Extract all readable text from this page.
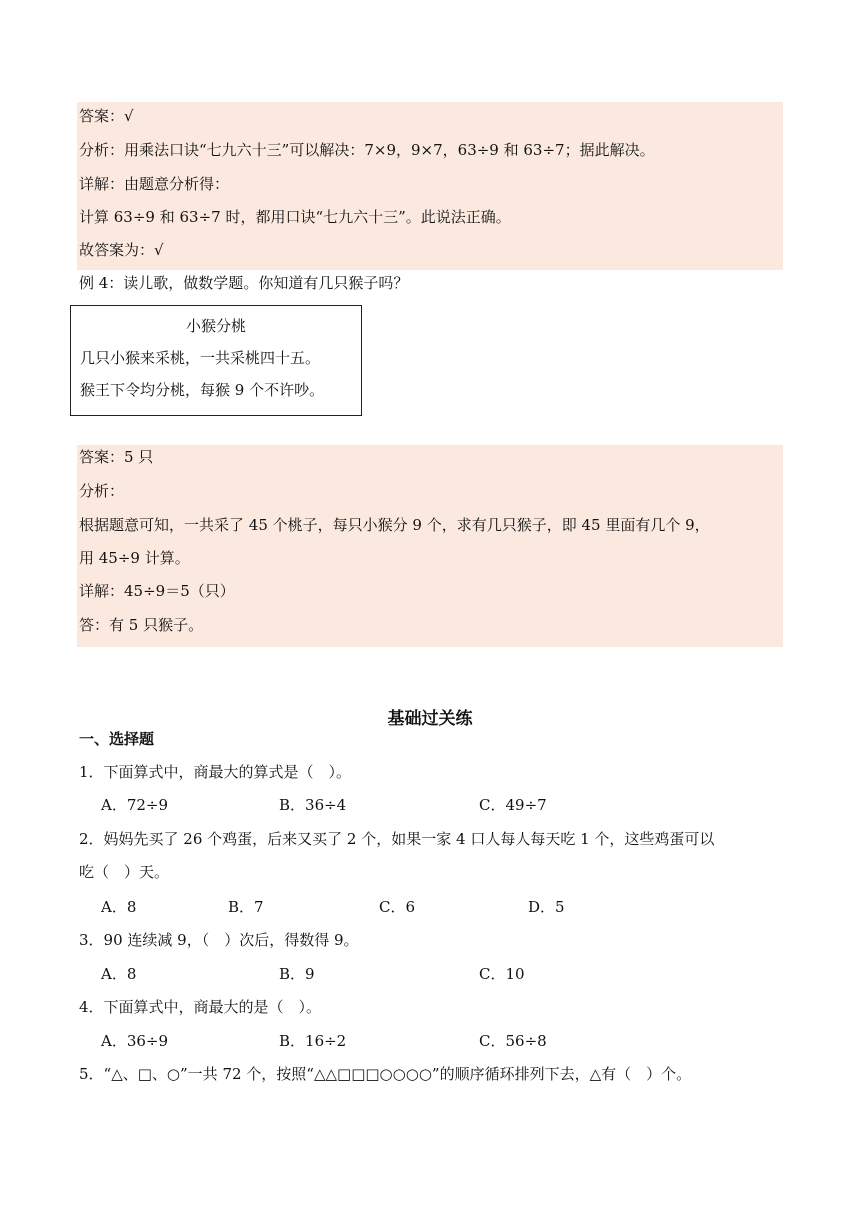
答案：√
分析：用乘法口诀“七九六十三”可以解决：7×9，9×7，63÷9 和 63÷7；据此解决。
详解：由题意分析得：
计算 63÷9 和 63÷7 时，都用口诀“七九六十三”。此说法正确。
故答案为：√
例 4：读儿歌，做数学题。你知道有几只猴子吗？
小猴分桃
几只小猴来采桃，一共采桃四十五。
猴王下令均分桃，每猴 9 个不许吵。
答案：5 只
分析：
根据题意可知，一共采了 45 个桃子，每只小猴分 9 个，求有几只猴子，即 45 里面有几个 9，
用 45÷9 计算。
详解：45÷9＝5（只）
答：有 5 只猴子。
基础过关练
一、选择题
1．下面算式中，商最大的算式是（　）。
A．72÷9	B．36÷4	C．49÷7
2．妈妈先买了 26 个鸡蛋，后来又买了 2 个，如果一家 4 口人每人每天吃 1 个，这些鸡蛋可以
吃（　）天。
A．8	B．7	C．6	D．5
3．90 连续减 9，（　）次后，得数得 9。
A．8	B．9	C．10
4．下面算式中，商最大的是（　）。
A．36÷9	B．16÷2	C．56÷8
5．“△、□、○”一共 72 个，按照“△△□□□○○○○”的顺序循环排列下去，△有（　）个。
